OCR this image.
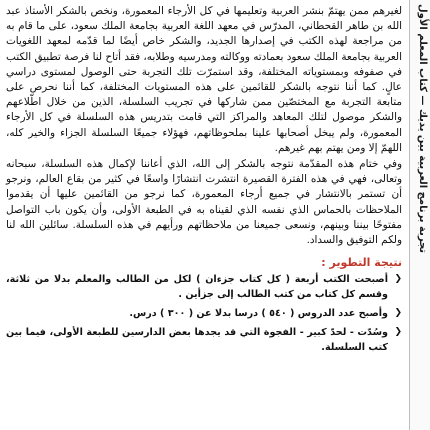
تجربة برنامج العربية بين يديك — كتاب المعلم الأول

لغيرهم ممن يهتمّ بنشر العربية وتعليمها في كل الأرجاء المعمورة، ونخص بالشكر الأستاذ عبد الله بن طاهر القحطاني، المدرّس في معهد اللغة العربية بجامعة الملك سعود، على ما قام به من مراجعة لهذه الكتب في إصدارها الجديد، والشكر خاص أيضًا لما قدّمه لمعهد اللغويات العربية بجامعة الملك سعود بعمادته ووكالته ومدرسيه وطلابه، فقد أتاح لنا فرصة تطبيق الكتب في صفوفه وبمستوياته المختلفة، وقد استمرّت تلك التجربة حتى الوصول لمستوى دراسي عالٍ. كما أننا نتوجه بالشكر للقائمين على هذه المستويات المختلفة، كما أننا نحرص على متابعة التجربة مع المختصّين ممن شاركها في تجريب السلسلة، الذين من خلال اطّلاعهم والشكر موصول لتلك المعاهد والمراكز التي قامت بتدريس هذه السلسلة في كل الأرجاء المعمورة، ولم يبخل أصحابها علينا بملحوظاتهم، فهؤلاء جميعًا السلسلة الجزاء والخير كله، اللهمّ إلا ومن يهتم بهم غيرهم.

وفي ختام هذه المقدّمة نتوجه بالشكر إلى الله، الذي أعاننا لإكمال هذه السلسلة، سبحانه وتعالى، فهي في هذه الفترة القصيرة انتشرت انتشارًا واسعًا في كثير من بقاع العالم، ونرجو أن تستمر بالانتشار في جميع أرجاء المعمورة، كما نرجو من القائمين عليها أن يقدموا الملاحظات بالحماس الذي نفسه الذي لقيناه به في الطبعة الأولى، وأن يكون باب التواصل مفتوحًا بيننا وبينهم، ونسعى جميعنا من ملاحظاتهم ورأيهم في هذه السلسلة. سائلين الله لنا ولكم التوفيق والسداد.

نتيجة التطوير :
❮
أصبحت الكتب أربعة ( كل كتاب جزءان ) لكل من الطالب والمعلم بدلا من ثلاثة، وقسم كل كتاب من كتب الطالب إلى جزأين .
❮
وأصبح عدد الدروس ( ٥٤٠ ) درسا بدلا عن ( ٣٠٠ ) درس.
❮
وسُدّت - لحدّ كبير - الفجوة التي قد يجدها بعض الدارسين للطبعة الأولى، فيما بين كتب السلسلة.
